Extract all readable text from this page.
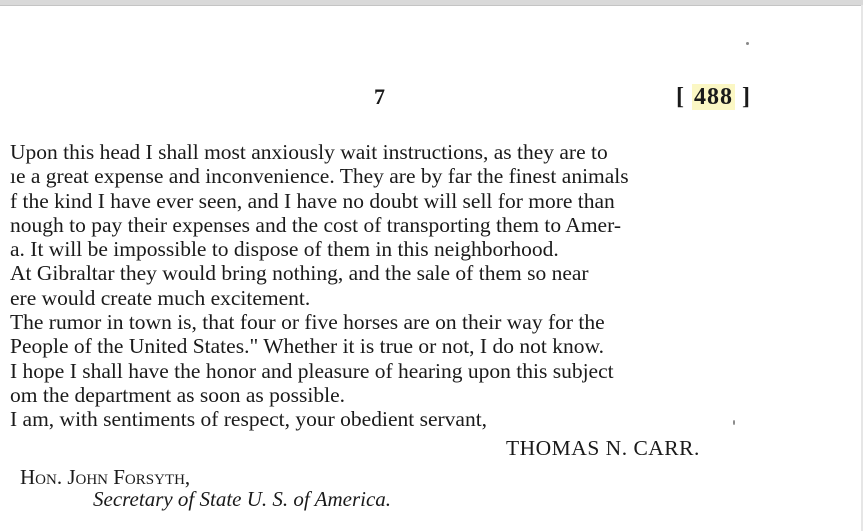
7	[ 488 ]
Upon this head I shall most anxiously wait instructions, as they are to
ıe a great expense and inconvenience. They are by far the finest animals
f the kind I have ever seen, and I have no doubt will sell for more than
nough to pay their expenses and the cost of transporting them to Amer-
a. It will be impossible to dispose of them in this neighborhood.
At Gibraltar they would bring nothing, and the sale of them so near
ere would create much excitement.
The rumor in town is, that four or five horses are on their way for the
People of the United States." Whether it is true or not, I do not know.
I hope I shall have the honor and pleasure of hearing upon this subject
om the department as soon as possible.
I am, with sentiments of respect, your obedient servant,
THOMAS N. CARR.
Hon. John Forsyth,
Secretary of State U. S. of America.
